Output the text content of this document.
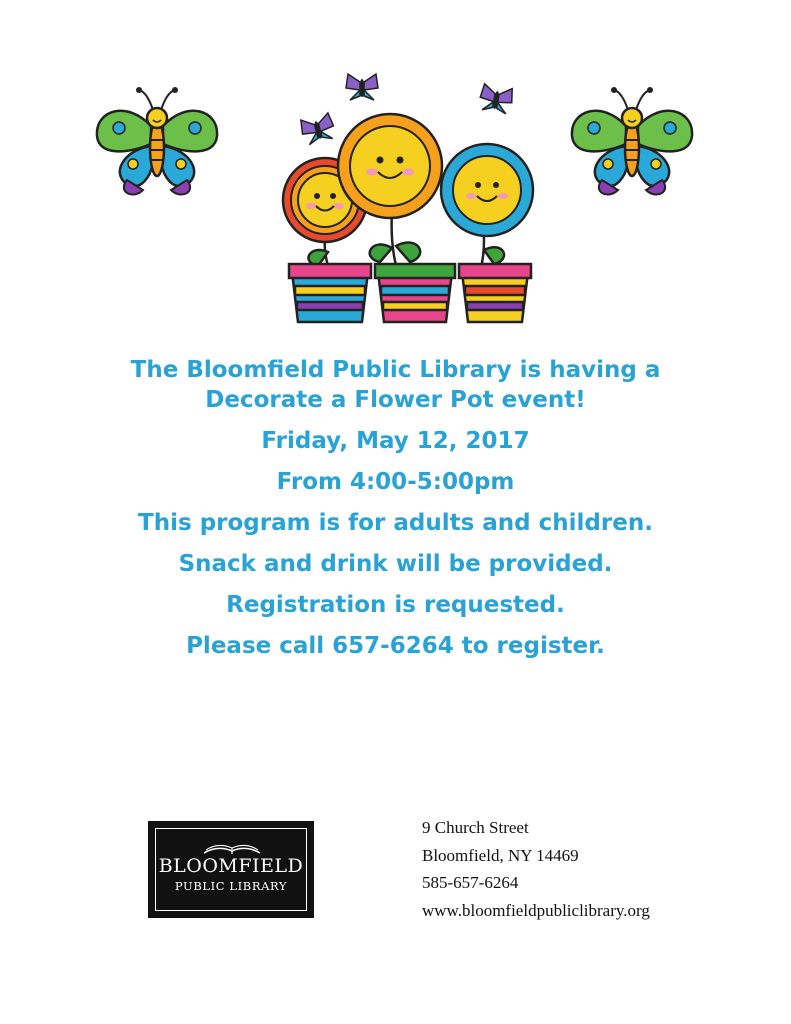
The Bloomfield Public Library is having a
Decorate a Flower Pot event!
Friday, May 12, 2017
From 4:00-5:00pm
This program is for adults and children.
Snack and drink will be provided.
Registration is requested.
Please call 657-6264 to register.
BLOOMFIELD
PUBLIC LIBRARY
9 Church Street
Bloomfield, NY 14469
585-657-6264
www.bloomfieldpubliclibrary.org
